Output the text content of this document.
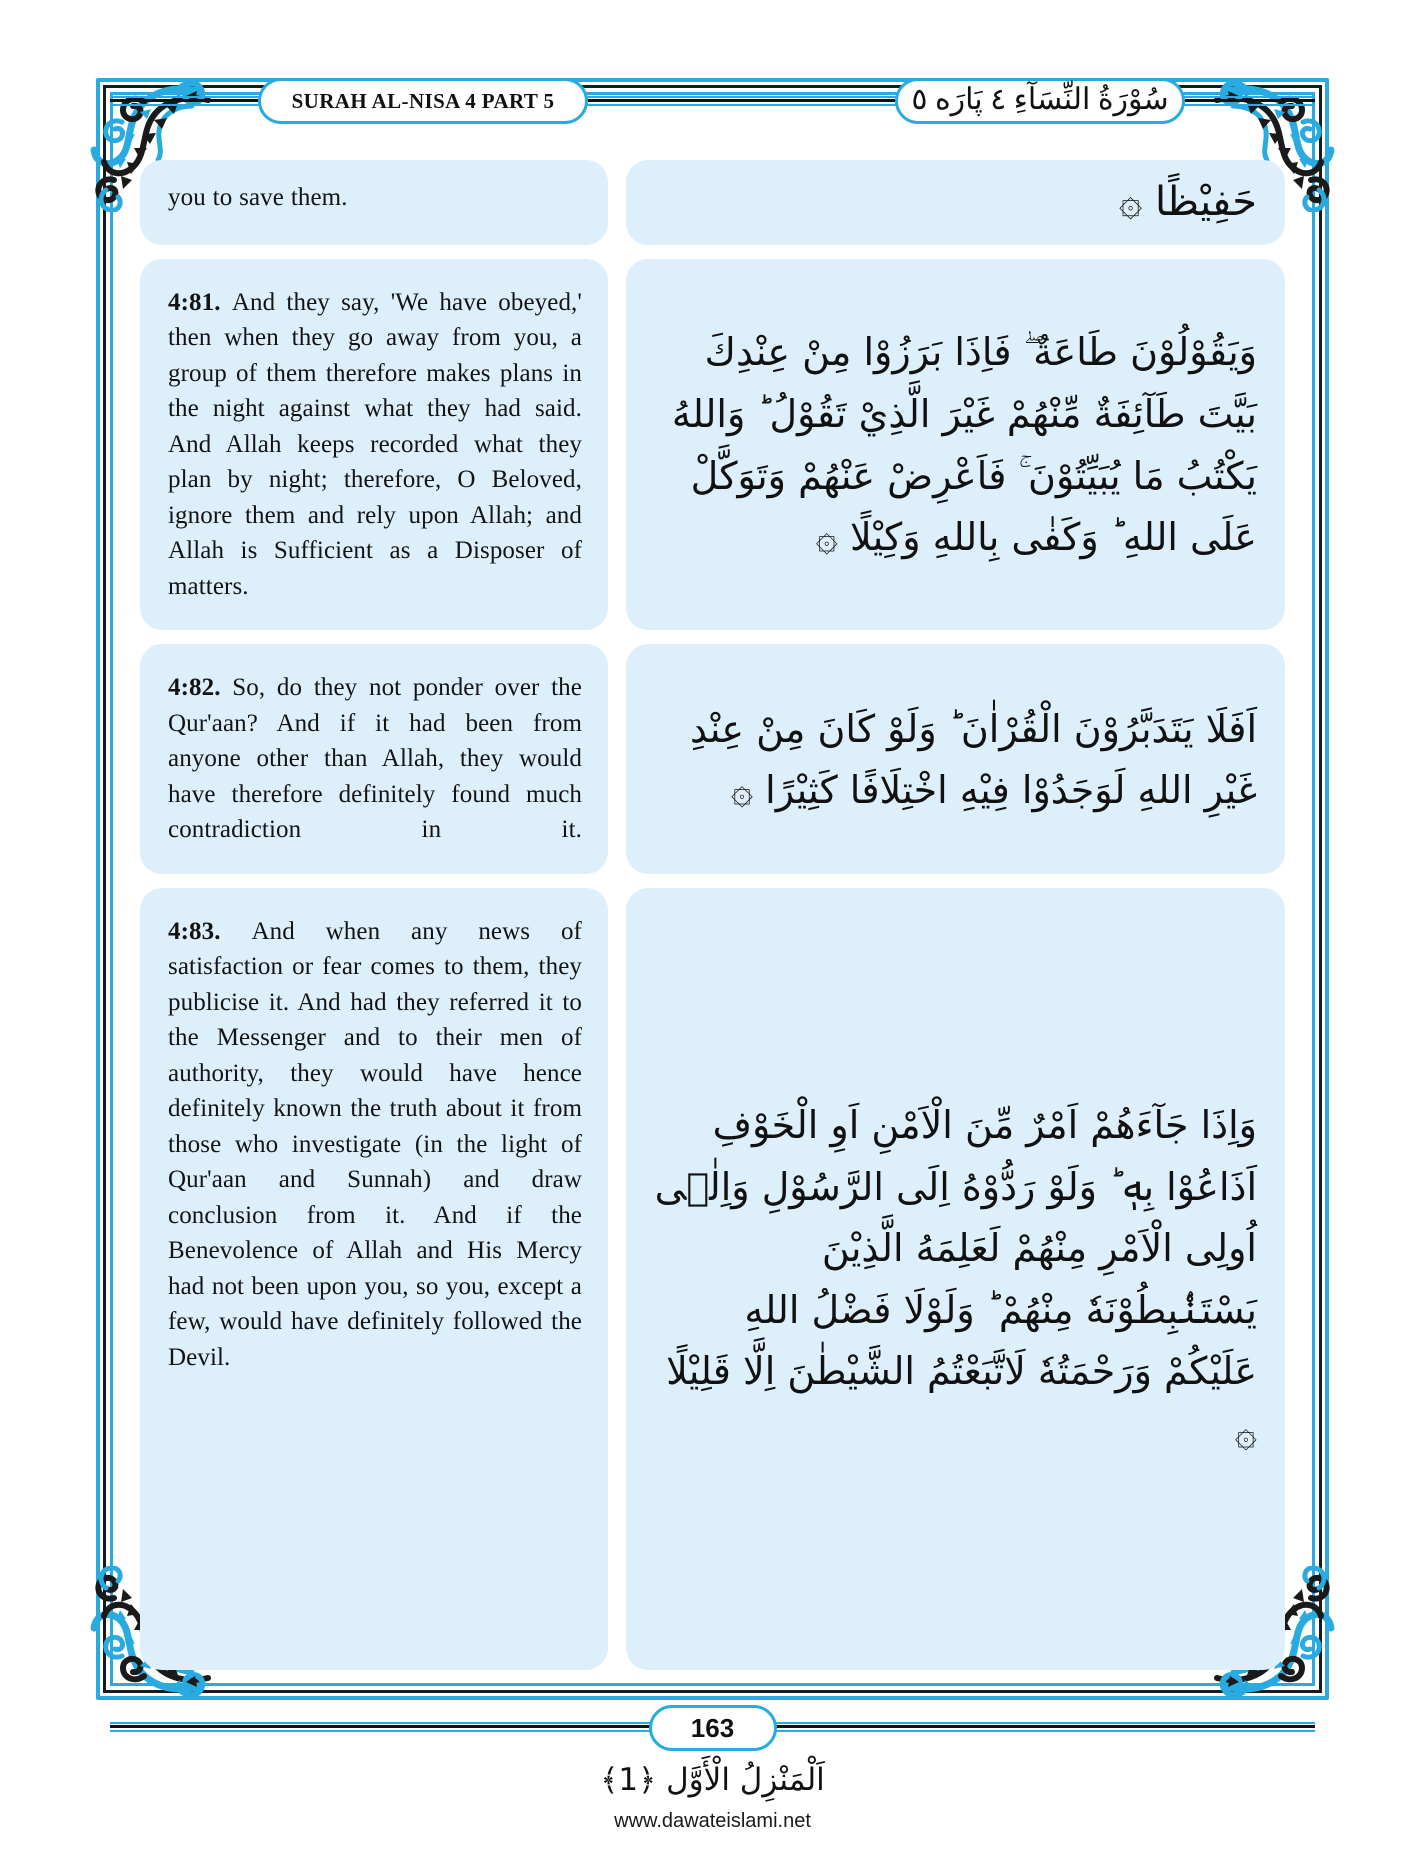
SURAH AL-NISA 4 PART 5	سُوْرَةُ النِّسَآءِ ٤ پَارَه ٥
you to save them.	حَفِيْظًا ۞
4:81. And they say, 'We have obeyed,' then when they go away from you, a group of them therefore makes plans in the night against what they had said. And Allah keeps recorded what they plan by night; therefore, O Beloved, ignore them and rely upon Allah; and Allah is Sufficient as a Disposer of matters.
وَيَقُوْلُوْنَ طَاعَةٌ ۖ فَاِذَا بَرَزُوْا مِنْ عِنْدِكَ بَيَّتَ طَآئِفَةٌ مِّنْهُمْ غَيْرَ الَّذِيْ تَقُوْلُ ؕ وَاللهُ يَكْتُبُ مَا يُبَيِّتُوْنَ ۚ فَاَعْرِضْ عَنْهُمْ وَتَوَكَّلْ عَلَى اللهِ ؕ وَكَفٰى بِاللهِ وَكِيْلًا ۞
4:82. So, do they not ponder over the Qur'aan? And if it had been from anyone other than Allah, they would have therefore definitely found much contradiction in it.
اَفَلَا يَتَدَبَّرُوْنَ الْقُرْاٰنَ ؕ وَلَوْ كَانَ مِنْ عِنْدِ غَيْرِ اللهِ لَوَجَدُوْا فِيْهِ اخْتِلَافًا كَثِيْرًا ۞
4:83. And when any news of satisfaction or fear comes to them, they publicise it. And had they referred it to the Messenger and to their men of authority, they would have hence definitely known the truth about it from those who investigate (in the light of Qur'aan and Sunnah) and draw conclusion from it. And if the Benevolence of Allah and His Mercy had not been upon you, so you, except a few, would have definitely followed the Devil.
وَاِذَا جَآءَهُمْ اَمْرٌ مِّنَ الْاَمْنِ اَوِ الْخَوْفِ اَذَاعُوْا بِهٖ ؕ وَلَوْ رَدُّوْهُ اِلَى الرَّسُوْلِ وَاِلٰۤى اُولِى الْاَمْرِ مِنْهُمْ لَعَلِمَهُ الَّذِيْنَ يَسْتَنْۢبِطُوْنَهٗ مِنْهُمْ ؕ وَلَوْلَا فَضْلُ اللهِ عَلَيْكُمْ وَرَحْمَتُهٗ لَاتَّبَعْتُمُ الشَّيْطٰنَ اِلَّا قَلِيْلًا ۞
163
اَلْمَنْزِلُ الْأَوَّل ﴿1﴾
www.dawateislami.net
